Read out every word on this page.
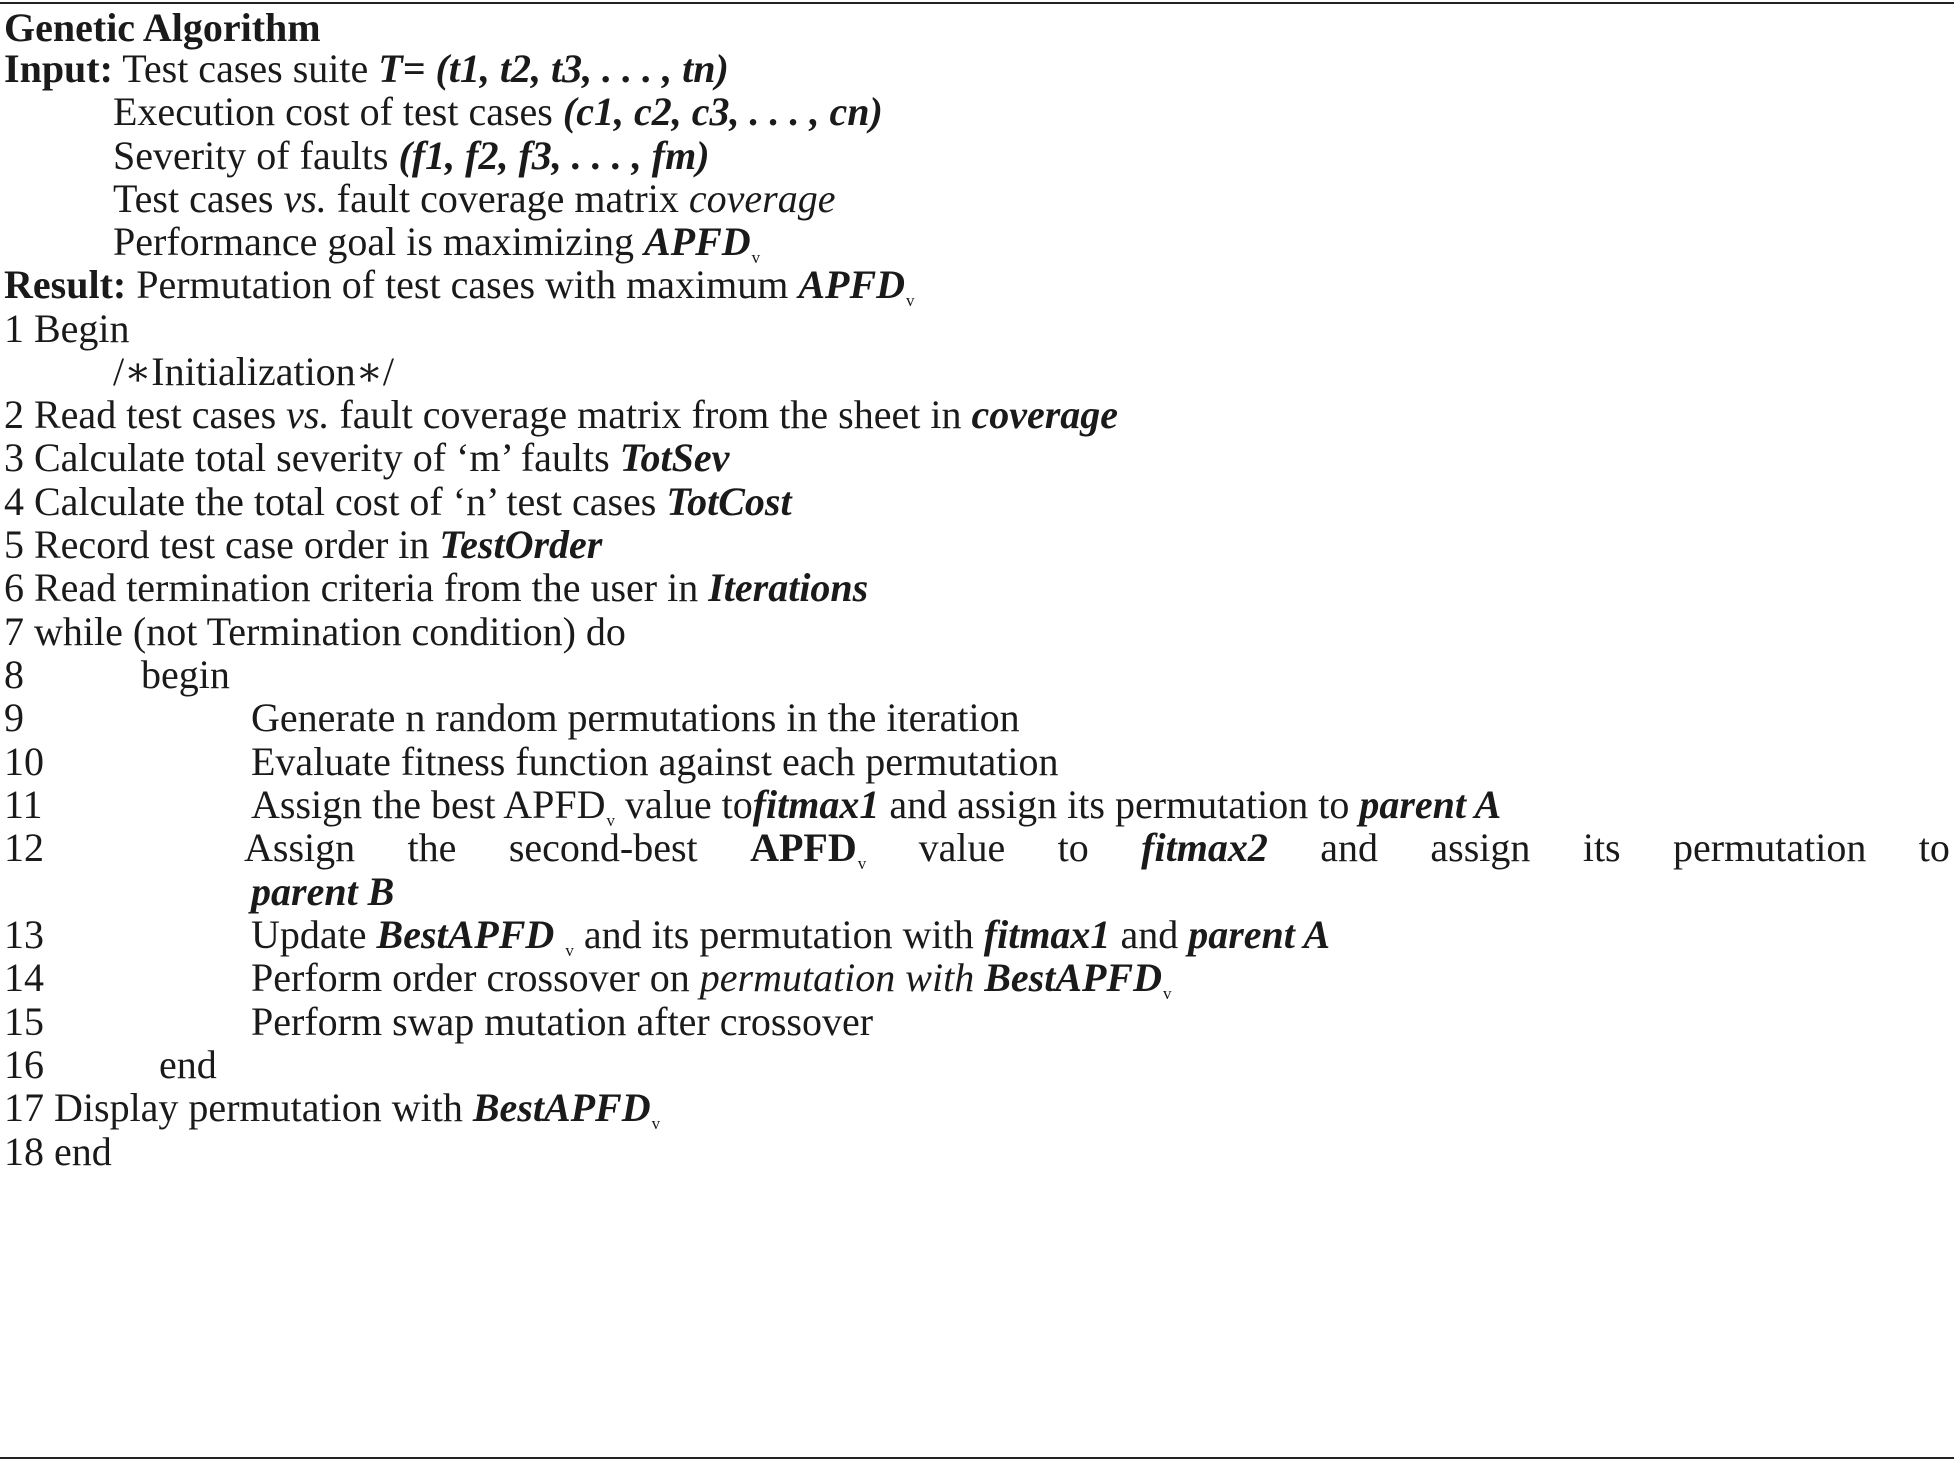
Genetic Algorithm
Input: Test cases suite T= (t1, t2, t3, . . . , tn)
Execution cost of test cases (c1, c2, c3, . . . , cn)
Severity of faults (f1, f2, f3, . . . , fm)
Test cases vs. fault coverage matrix coverage
Performance goal is maximizing $APFD_v$
Result: Permutation of test cases with maximum $APFD_v$
1 Begin
/∗Initialization∗/
2 Read test cases vs. fault coverage matrix from the sheet in coverage
3 Calculate total severity of ‘m’ faults TotSev
4 Calculate the total cost of ‘n’ test cases TotCost
5 Record test case order in TestOrder
6 Read termination criteria from the user in Iterations
7 while (not Termination condition) do
8	begin
9	Generate n random permutations in the iteration
10	Evaluate fitness function against each permutation
11	Assign the best $APFD_v$ value tofitmax1 and assign its permutation to parent A
12	Assign the second-best $APFD_v$ value to fitmax2 and assign its permutation to
parent B
13	Update BestAPFD $_v$ and its permutation with fitmax1 and parent A
14	Perform order crossover on permutation with BestAPFD$_v$
15	Perform swap mutation after crossover
16	end
17 Display permutation with BestAPFD$_v$
18 end
